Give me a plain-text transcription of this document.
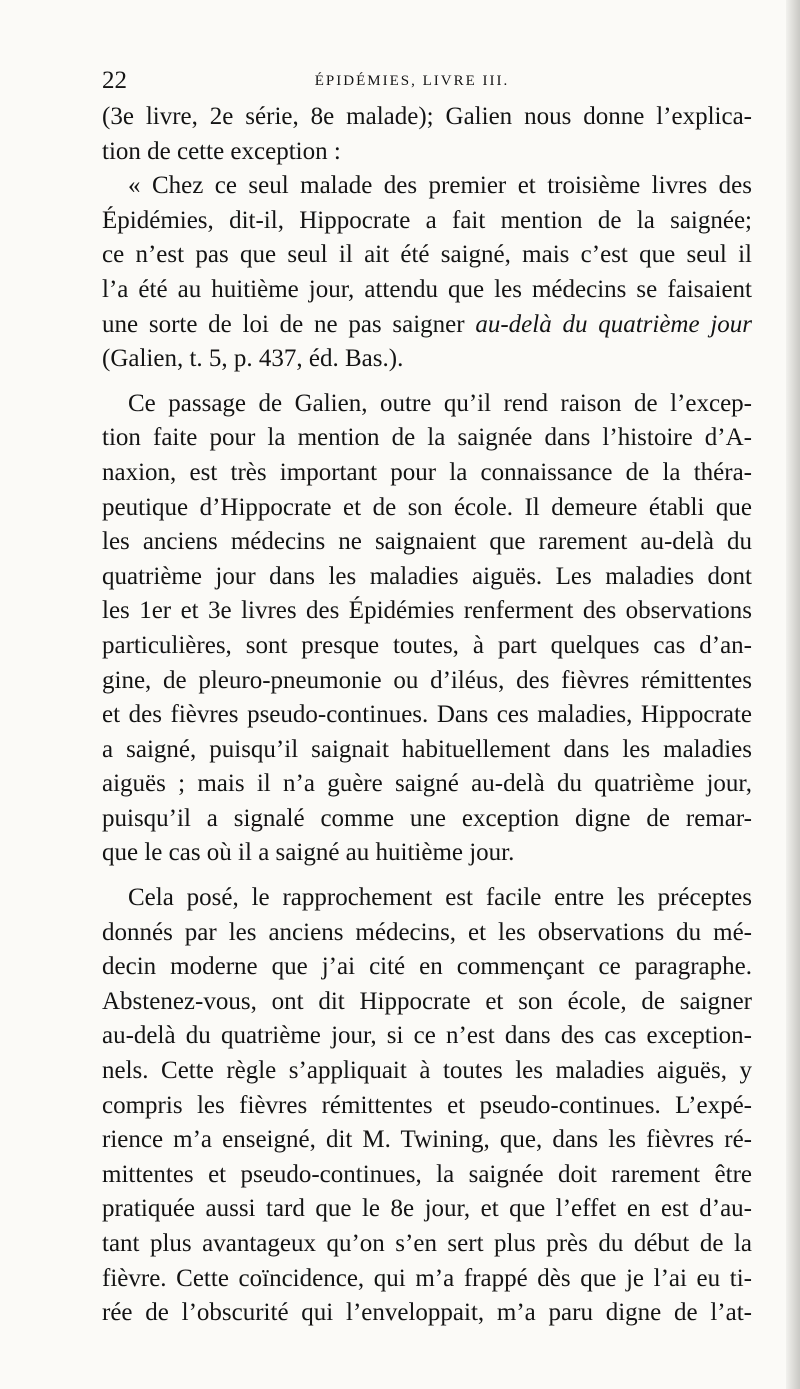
22	ÉPIDÉMIES, LIVRE III.
(3e livre, 2e série, 8e malade); Galien nous donne l’explica-
tion de cette exception :
« Chez ce seul malade des premier et troisième livres des
Épidémies, dit-il, Hippocrate a fait mention de la saignée;
ce n’est pas que seul il ait été saigné, mais c’est que seul il
l’a été au huitième jour, attendu que les médecins se faisaient
une sorte de loi de ne pas saigner au-delà du quatrième jour
(Galien, t. 5, p. 437, éd. Bas.).
Ce passage de Galien, outre qu’il rend raison de l’excep-
tion faite pour la mention de la saignée dans l’histoire d’A-
naxion, est très important pour la connaissance de la théra-
peutique d’Hippocrate et de son école. Il demeure établi que
les anciens médecins ne saignaient que rarement au-delà du
quatrième jour dans les maladies aiguës. Les maladies dont
les 1er et 3e livres des Épidémies renferment des observations
particulières, sont presque toutes, à part quelques cas d’an-
gine, de pleuro-pneumonie ou d’iléus, des fièvres rémittentes
et des fièvres pseudo-continues. Dans ces maladies, Hippocrate
a saigné, puisqu’il saignait habituellement dans les maladies
aiguës ; mais il n’a guère saigné au-delà du quatrième jour,
puisqu’il a signalé comme une exception digne de remar-
que le cas où il a saigné au huitième jour.
Cela posé, le rapprochement est facile entre les préceptes
donnés par les anciens médecins, et les observations du mé-
decin moderne que j’ai cité en commençant ce paragraphe.
Abstenez-vous, ont dit Hippocrate et son école, de saigner
au-delà du quatrième jour, si ce n’est dans des cas exception-
nels. Cette règle s’appliquait à toutes les maladies aiguës, y
compris les fièvres rémittentes et pseudo-continues. L’expé-
rience m’a enseigné, dit M. Twining, que, dans les fièvres ré-
mittentes et pseudo-continues, la saignée doit rarement être
pratiquée aussi tard que le 8e jour, et que l’effet en est d’au-
tant plus avantageux qu’on s’en sert plus près du début de la
fièvre. Cette coïncidence, qui m’a frappé dès que je l’ai eu ti-
rée de l’obscurité qui l’enveloppait, m’a paru digne de l’at-
